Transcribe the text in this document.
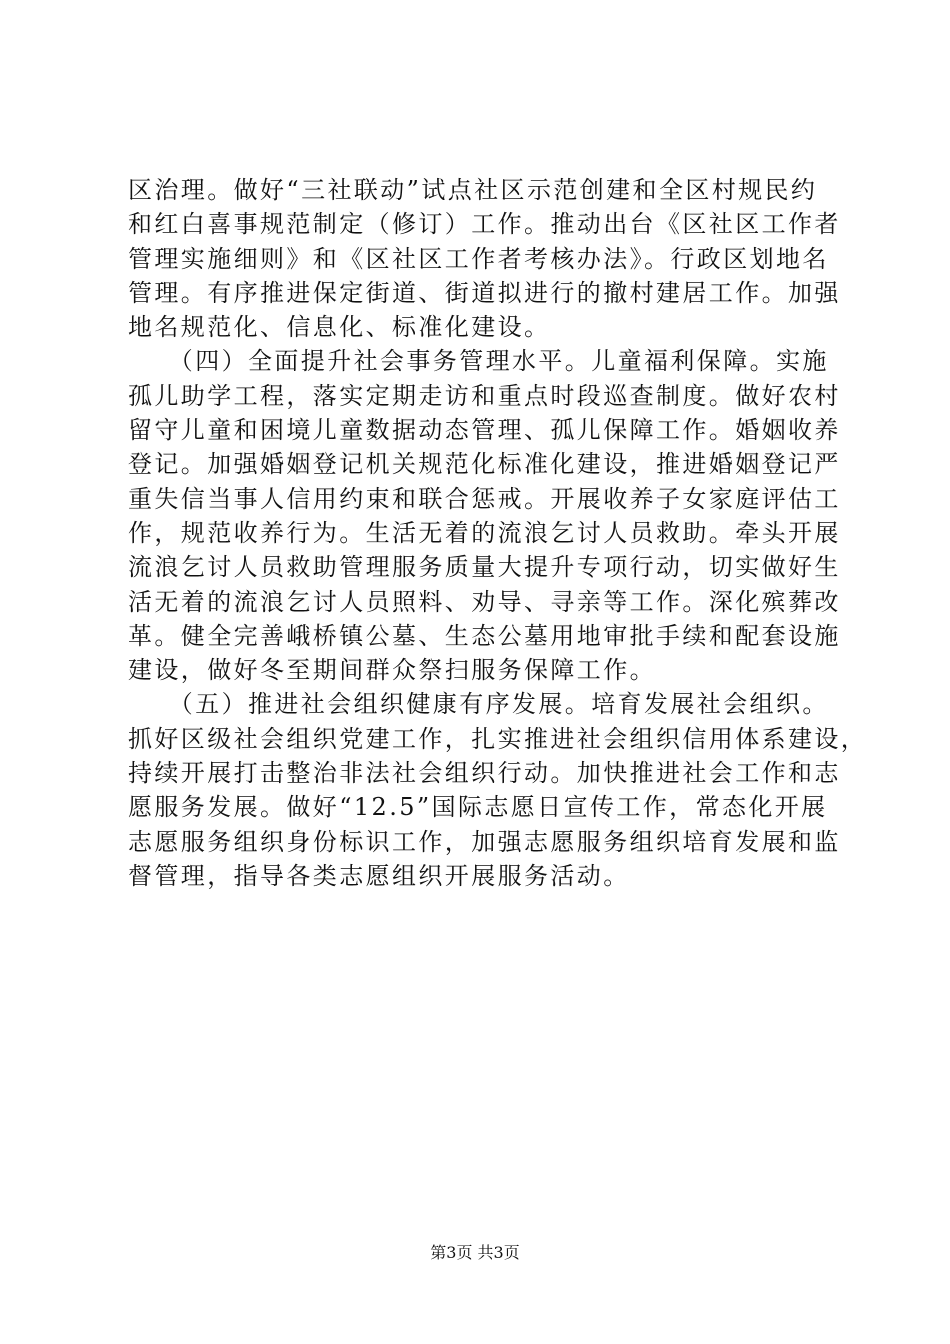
区治理。做好“三社联动”试点社区示范创建和全区村规民约
和红白喜事规范制定（修订）工作。推动出台《区社区工作者
管理实施细则》和《区社区工作者考核办法》。行政区划地名
管理。有序推进保定街道、街道拟进行的撤村建居工作。加强
地名规范化、信息化、标准化建设。
　　（四）全面提升社会事务管理水平。儿童福利保障。实施
孤儿助学工程，落实定期走访和重点时段巡查制度。做好农村
留守儿童和困境儿童数据动态管理、孤儿保障工作。婚姻收养
登记。加强婚姻登记机关规范化标准化建设，推进婚姻登记严
重失信当事人信用约束和联合惩戒。开展收养子女家庭评估工
作，规范收养行为。生活无着的流浪乞讨人员救助。牵头开展
流浪乞讨人员救助管理服务质量大提升专项行动，切实做好生
活无着的流浪乞讨人员照料、劝导、寻亲等工作。深化殡葬改
革。健全完善峨桥镇公墓、生态公墓用地审批手续和配套设施
建设，做好冬至期间群众祭扫服务保障工作。
　　（五）推进社会组织健康有序发展。培育发展社会组织。
抓好区级社会组织党建工作，扎实推进社会组织信用体系建设，
持续开展打击整治非法社会组织行动。加快推进社会工作和志
愿服务发展。做好“12.5”国际志愿日宣传工作，常态化开展
志愿服务组织身份标识工作，加强志愿服务组织培育发展和监
督管理，指导各类志愿组织开展服务活动。
第3页 共3页
